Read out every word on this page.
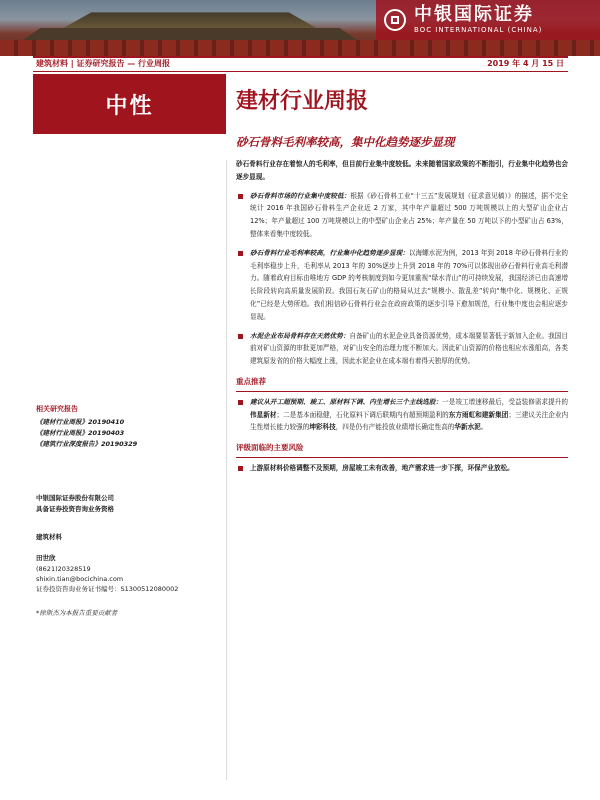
中银国际证券
BOC INTERNATIONAL (CHINA)
建筑材料 | 证券研究报告 — 行业周报	2019 年 4 月 15 日
中性	建材行业周报
砂石骨料毛利率较高，集中化趋势逐步显现
砂石骨料行业存在着惊人的毛利率，但目前行业集中度较低。未来随着国家政策的不断指引，行业集中化趋势也会逐步显现。
砂石骨料市场的行业集中度较低：根据《砂石骨料工业“十三五”发展规划（征求意见稿）》的描述，据不完全统计 2016 年我国砂石骨料生产企业近 2 万家，其中年产量超过 500 万吨规模以上的大型矿山企业占 12%；年产量超过 100 万吨规模以上的中型矿山企业占 25%；年产量在 50 万吨以下的小型矿山占 63%，整体来看集中度较低。
砂石骨料行业毛利率较高，行业集中化趋势逐步显现：以海螺水泥为例，2013 年到 2018 年砂石骨料行业的毛利率稳步上升，毛利率从 2013 年的 30%逐步上升到 2018 年的 70%可以体现出砂石骨料行业高毛利潜力。随着政府目标由唯地方 GDP 的考核制度到如今更加重视“绿水青山”的可持续发展，我国经济已由高速增长阶段转向高质量发展阶段。我国石灰石矿山的格局从过去“规模小、散乱差”转向“集中化、规模化、正规化”已经是大势所趋。我们相信砂石骨料行业会在政府政策的逐步引导下愈加规范，行业集中度也会相应逐步显现。
水泥企业布局骨料存在天然优势：自备矿山的水泥企业具备资源优势，成本端要显著低于新加入企业。我国目前对矿山资源的审批更加严格，对矿山安全的治理力度不断加大。因此矿山资源的价格也相应水涨船高，各类建筑原发省的价格大幅度上涨，因此水泥企业在成本端有着得天独厚的优势。
重点推荐
建议从开工超预期、竣工、原材料下调、内生增长三个主线选股：一是竣工增速移最后，受益装修需求提升的伟星新材；二是基本面稳健，石化原料下调后联期内有超预期盈利的东方雨虹和建新集团；三建议关注企业内生性增长能力较强的坤彩科技，四是仍有产能投放业绩增长确定性高的华新水泥。
评级面临的主要风险
上游原材料价格调整不及预期，房屋竣工未有改善，地产需求进一步下探，环保产业放松。
相关研究报告
《建材行业周报》20190410
《建材行业周报》20190403
《建筑行业深度报告》20190329
中银国际证券股份有限公司
具备证券投资咨询业务资格
建筑材料
田世欣
(8621)20328519
shixin.tian@bocichina.com
证券投资咨询业务证书编号：S1300512080002
*徐斯杰为本报告重要贡献者
